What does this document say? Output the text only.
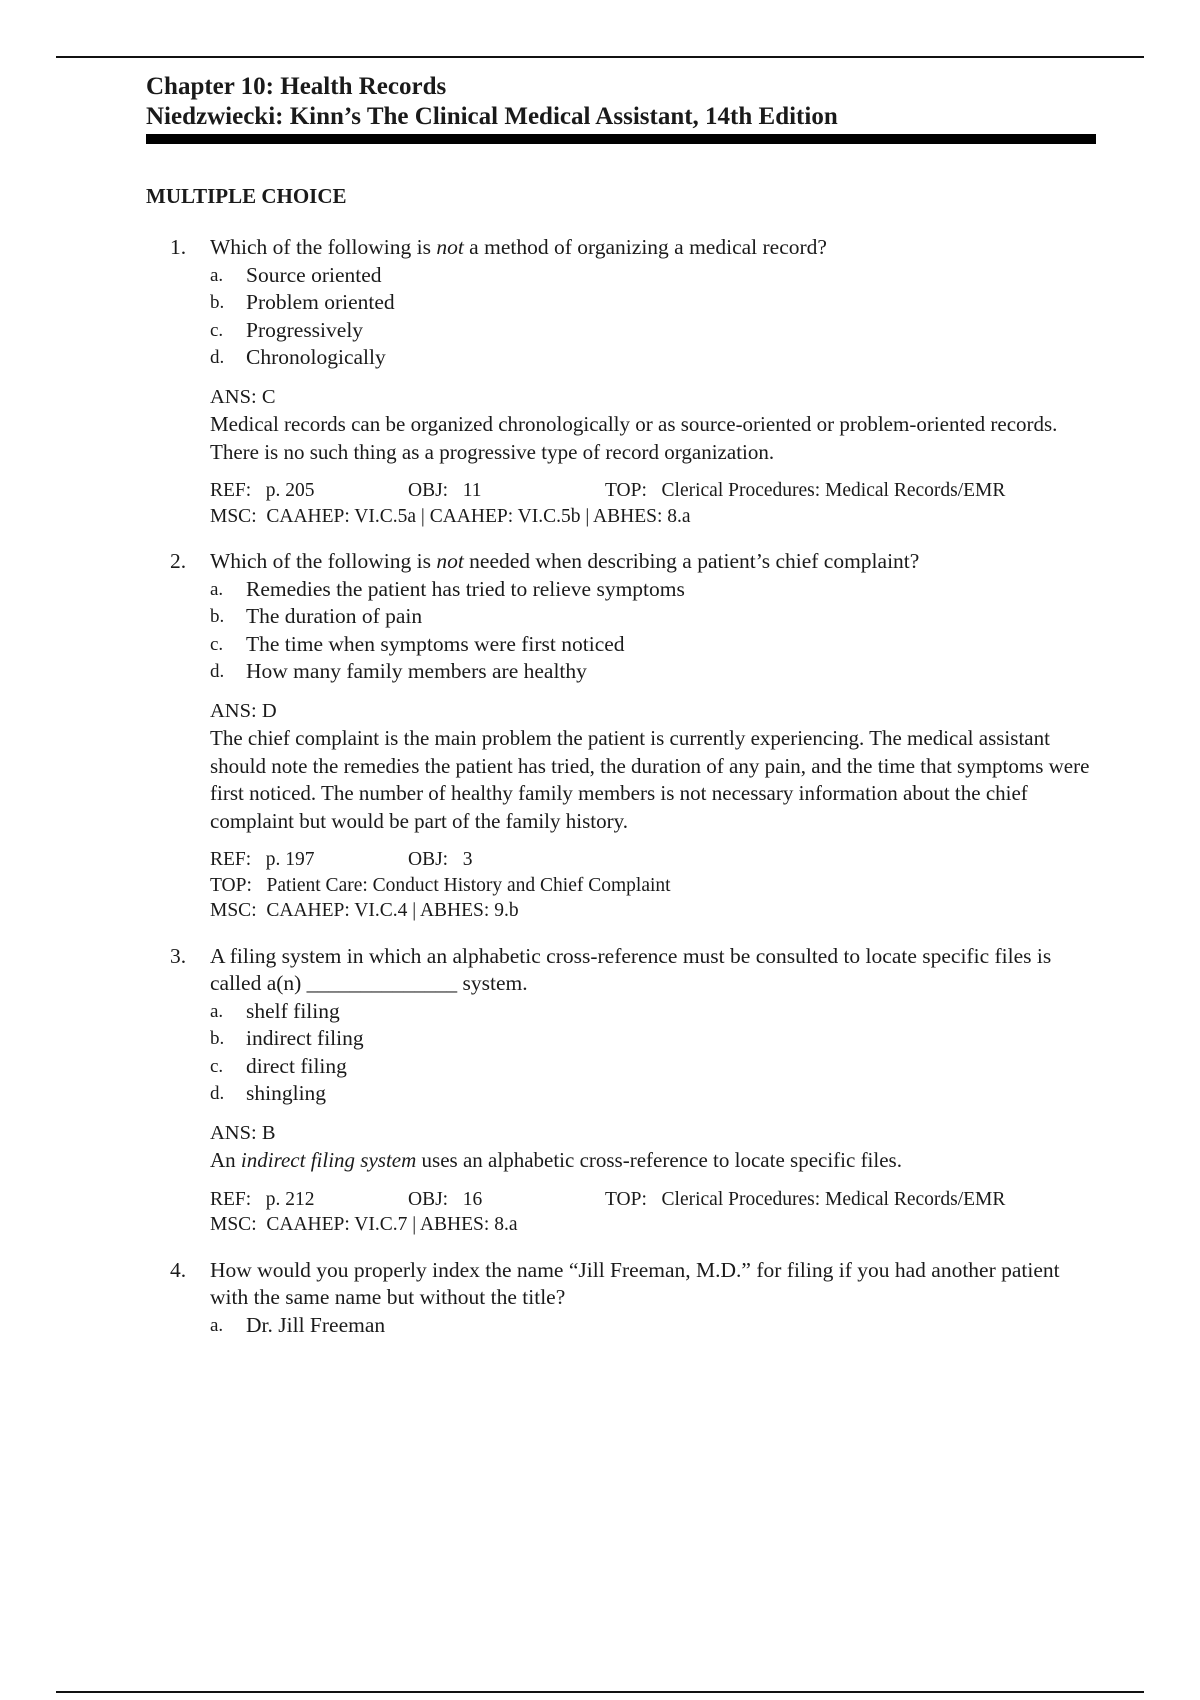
Chapter 10: Health Records
Niedzwiecki: Kinn’s The Clinical Medical Assistant, 14th Edition
MULTIPLE CHOICE
1. Which of the following is not a method of organizing a medical record?
a. Source oriented
b. Problem oriented
c. Progressively
d. Chronologically
ANS: C
Medical records can be organized chronologically or as source-oriented or problem-oriented records. There is no such thing as a progressive type of record organization.
REF:   p. 205	OBJ:   11	TOP:   Clerical Procedures: Medical Records/EMR
MSC:  CAAHEP: VI.C.5a | CAAHEP: VI.C.5b | ABHES: 8.a
2. Which of the following is not needed when describing a patient’s chief complaint?
a. Remedies the patient has tried to relieve symptoms
b. The duration of pain
c. The time when symptoms were first noticed
d. How many family members are healthy
ANS: D
The chief complaint is the main problem the patient is currently experiencing. The medical assistant should note the remedies the patient has tried, the duration of any pain, and the time that symptoms were first noticed. The number of healthy family members is not necessary information about the chief complaint but would be part of the family history.
REF:   p. 197	OBJ:   3
TOP:   Patient Care: Conduct History and Chief Complaint
MSC:  CAAHEP: VI.C.4 | ABHES: 9.b
3. A filing system in which an alphabetic cross-reference must be consulted to locate specific files is called a(n) ______________ system.
a. shelf filing
b. indirect filing
c. direct filing
d. shingling
ANS: B
An indirect filing system uses an alphabetic cross-reference to locate specific files.
REF:   p. 212	OBJ:   16	TOP:   Clerical Procedures: Medical Records/EMR
MSC:  CAAHEP: VI.C.7 | ABHES: 8.a
4. How would you properly index the name “Jill Freeman, M.D.” for filing if you had another patient with the same name but without the title?
a. Dr. Jill Freeman
